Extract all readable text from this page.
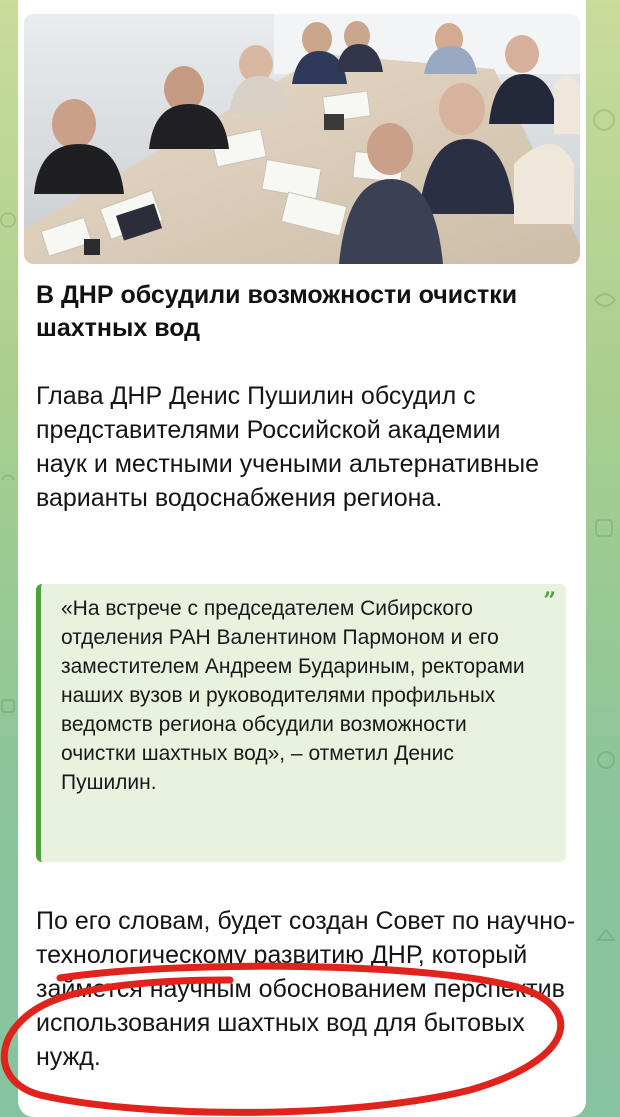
В ДНР обсудили возможности очистки шахтных вод

Глава ДНР Денис Пушилин обсудил с представителями Российской академии наук и местными учеными альтернативные варианты водоснабжения региона.

”

«На встрече с председателем Сибирского отделения РАН Валентином Пармоном и его заместителем Андреем Будариным, ректорами наших вузов и руководителями профильных ведомств региона обсудили возможности очистки шахтных вод», – отметил Денис Пушилин.

По его словам, будет создан Совет по научно-технологическому развитию ДНР, который займется научным обоснованием перспектив использования шахтных вод для бытовых нужд.
